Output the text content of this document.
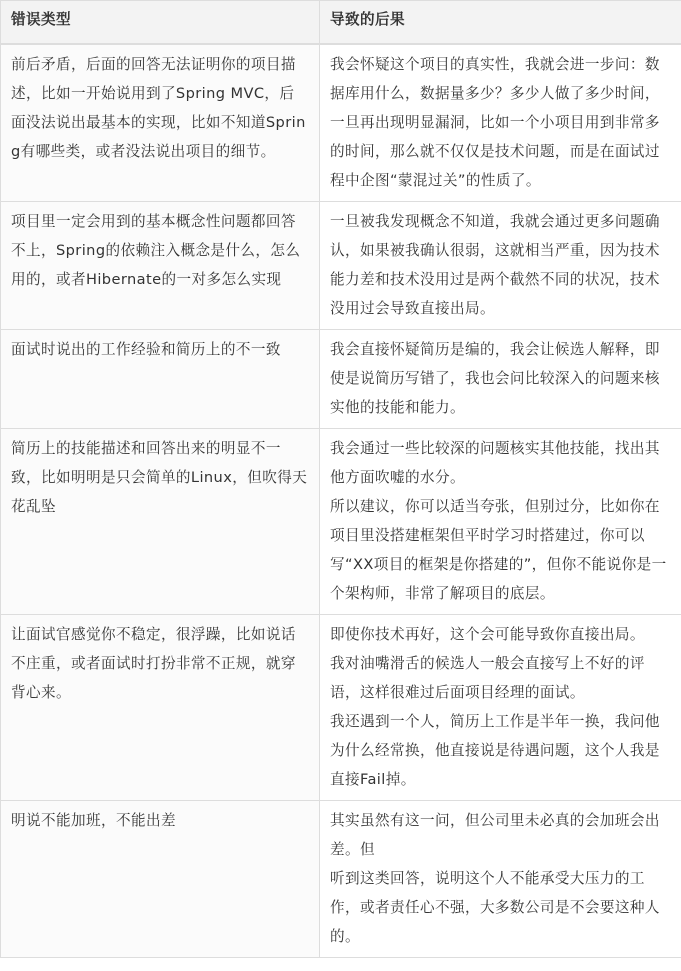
错误类型	导致的后果
前后矛盾，后面的回答无法证明你的项目描述，比如一开始说用到了Spring MVC，后面没法说出最基本的实现，比如不知道Spring有哪些类，或者没法说出项目的细节。	我会怀疑这个项目的真实性，我就会进一步问：数据库用什么，数据量多少？多少人做了多少时间，一旦再出现明显漏洞，比如一个小项目用到非常多的时间，那么就不仅仅是技术问题，而是在面试过程中企图“蒙混过关”的性质了。

项目里一定会用到的基本概念性问题都回答不上，Spring的依赖注入概念是什么，怎么用的，或者Hibernate的一对多怎么实现	一旦被我发现概念不知道，我就会通过更多问题确认，如果被我确认很弱，这就相当严重，因为技术能力差和技术没用过是两个截然不同的状况，技术没用过会导致直接出局。

面试时说出的工作经验和简历上的不一致	我会直接怀疑简历是编的，我会让候选人解释，即使是说简历写错了，我也会问比较深入的问题来核实他的技能和能力。

简历上的技能描述和回答出来的明显不一致，比如明明是只会简单的Linux，但吹得天花乱坠	我会通过一些比较深的问题核实其他技能，找出其他方面吹嘘的水分。
所以建议，你可以适当夸张，但别过分，比如你在项目里没搭建框架但平时学习时搭建过，你可以写“XX项目的框架是你搭建的”，但你不能说你是一个架构师，非常了解项目的底层。

让面试官感觉你不稳定，很浮躁，比如说话不庄重，或者面试时打扮非常不正规，就穿背心来。	即使你技术再好，这个会可能导致你直接出局。
我对油嘴滑舌的候选人一般会直接写上不好的评语，这样很难过后面项目经理的面试。
我还遇到一个人，简历上工作是半年一换，我问他为什么经常换，他直接说是待遇问题，这个人我是直接Fail掉。

明说不能加班，不能出差	其实虽然有这一问，但公司里未必真的会加班会出差。但
听到这类回答，说明这个人不能承受大压力的工作，或者责任心不强，大多数公司是不会要这种人的。
